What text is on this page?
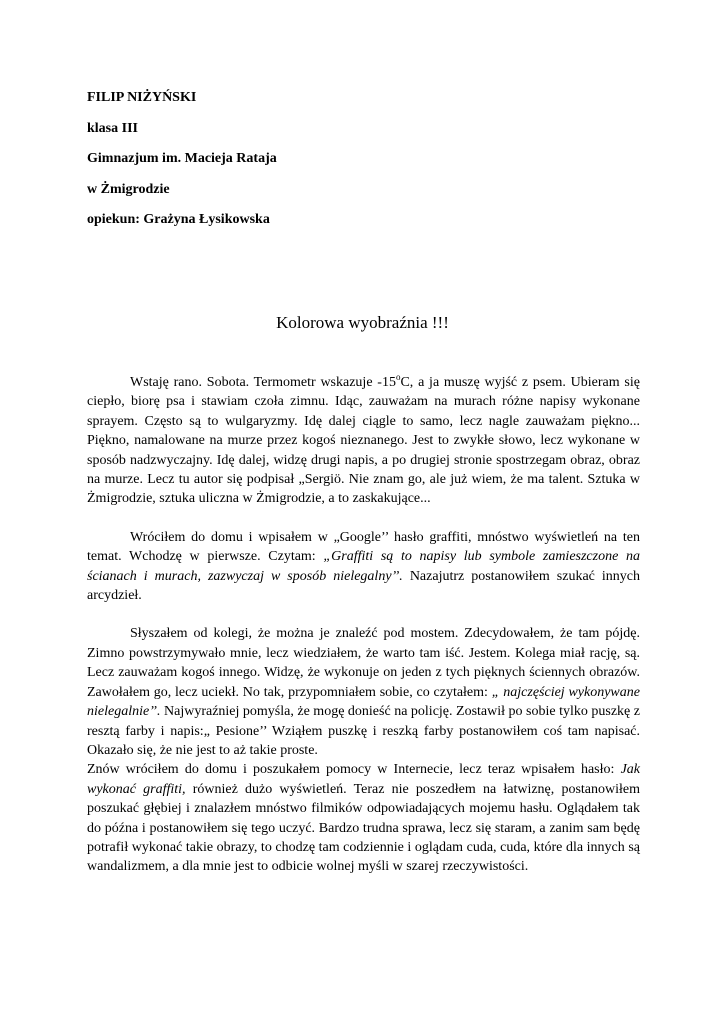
FILIP NIŻYŃSKI
klasa III
Gimnazjum im. Macieja Rataja
w Żmigrodzie
opiekun: Grażyna Łysikowska
Kolorowa wyobraźnia !!!

Wstaję rano. Sobota. Termometr wskazuje -15$^o$C, a ja muszę wyjść z psem. Ubieram się ciepło, biorę psa i stawiam czoła zimnu. Idąc, zauważam na murach różne napisy wykonane sprayem. Często są to wulgaryzmy. Idę dalej ciągle to samo, lecz nagle zauważam piękno... Piękno, namalowane na murze przez kogoś nieznanego. Jest to zwykłe słowo, lecz wykonane w sposób nadzwyczajny. Idę dalej, widzę drugi napis, a po drugiej stronie spostrzegam obraz, obraz na murze. Lecz tu autor się podpisał „Sergiö. Nie znam go, ale już wiem, że ma talent. Sztuka w Żmigrodzie, sztuka uliczna w Żmigrodzie, a to zaskakujące...

Wróciłem do domu i wpisałem w „Google’’ hasło graffiti, mnóstwo wyświetleń na ten temat. Wchodzę w pierwsze. Czytam: „Graffiti są to napisy lub symbole zamieszczone na ścianach i murach, zazwyczaj w sposób nielegalny’’. Nazajutrz postanowiłem szukać innych arcydzieł.

Słyszałem od kolegi, że można je znaleźć pod mostem. Zdecydowałem, że tam pójdę. Zimno powstrzymywało mnie, lecz wiedziałem, że warto tam iść. Jestem. Kolega miał rację, są. Lecz zauważam kogoś innego. Widzę, że wykonuje on jeden z tych pięknych ściennych obrazów. Zawołałem go, lecz uciekł. No tak, przypomniałem sobie, co czytałem: „ najczęściej wykonywane nielegalnie’’. Najwyraźniej pomyśla, że mogę donieść na policję. Zostawił po sobie tylko puszkę z resztą farby i napis:„ Pesione’’ Wziąłem puszkę i reszką farby postanowiłem coś tam napisać. Okazało się, że nie jest to aż takie proste.

Znów wróciłem do domu i poszukałem pomocy w Internecie, lecz teraz wpisałem hasło: Jak wykonać graffiti, również dużo wyświetleń. Teraz nie poszedłem na łatwiznę, postanowiłem poszukać głębiej i znalazłem mnóstwo filmików odpowiadających mojemu hasłu. Oglądałem tak do późna i postanowiłem się tego uczyć. Bardzo trudna sprawa, lecz się staram, a zanim sam będę potrafił wykonać takie obrazy, to chodzę tam codziennie i oglądam cuda, cuda, które dla innych są wandalizmem, a dla mnie jest to odbicie wolnej myśli w szarej rzeczywistości.
